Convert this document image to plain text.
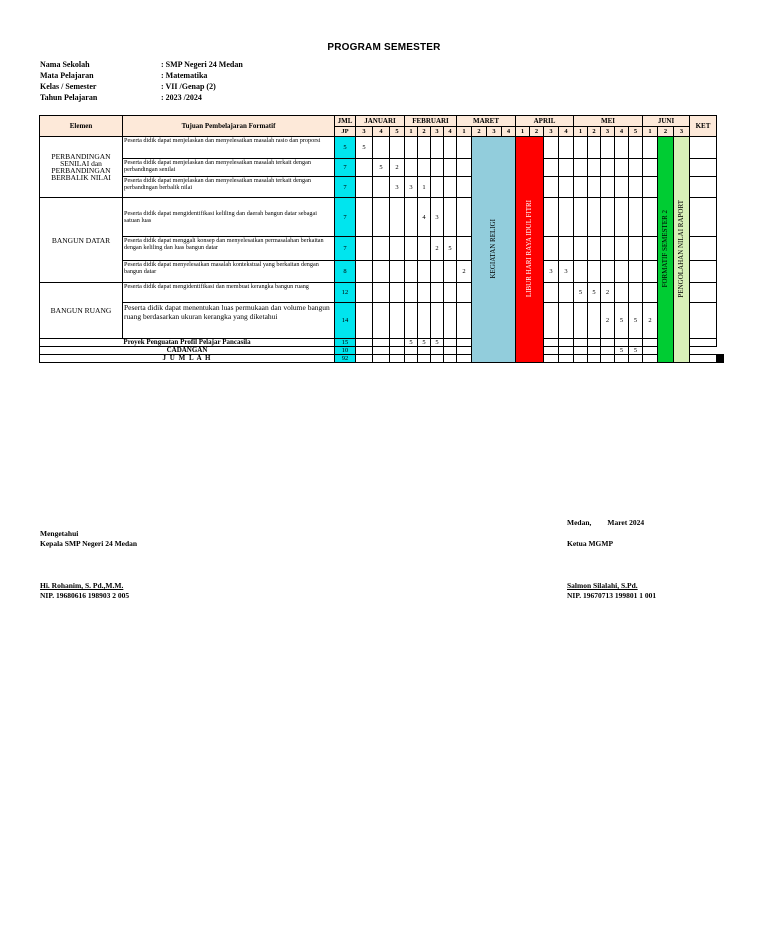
PROGRAM SEMESTER
Nama Sekolah	: SMP Negeri 24 Medan
Mata Pelajaran	: Matematika
Kelas / Semester	: VII /Genap (2)
Tahun Pelajaran	: 2023 /2024
Elemen	Tujuan Pembelajaran Formatif	JML	JANUARI			FEBRUARI				MARET				APRIL				MEI					JUNI			KET				
		JP	3	4	5	1	2	3	4	1	2	3	4	1	2	3	4	1	2	3	4	5	1	2	3					
PERBANDINGAN SENILAI dan PERBANDINGAN BERBALIK NILAI	Peserta didik dapat menjelaskan dan menyelesaikan masalah rasio dan proporsi	5	5								KEGIATAN RELIGI			LIBUR HARI RAYA IDUL FITRI										FORMATIF SEMESTER 2	PENGOLAHAN NILAI RAPORT					
	Peserta didik dapat menjelaskan dan menyelesaikan masalah terkait dengan perbandingan senilai	7		5	2																									
	Peserta didik dapat menjelaskan dan menyelesaikan masalah terkait dengan perbandingan berbalik nilai	7			3	3	1																							
BANGUN DATAR	Peserta didik dapat mengidentifikasi keliling dan daerah bangun datar sebagai satuan luas	7					4	3																						
	Peserta didik dapat menggali konsep dan menyelesaikan permasalahan berkaitan dengan keliling dan luas bangun datar	7						2	5																					
	Peserta didik dapat menyelesaikan masalah kontekstual yang berkaitan dengan bangun datar	8								2						3	3													
BANGUN RUANG	Peserta didik dapat mengidentifikasi dan membuat kerangka bangun ruang	12																5	5	2										
	Peserta didik dapat menentukan luas permukaan dan volume bangun ruang berdasarkan ukuran kerangka yang diketahui	14																		2	5	5	2							
Proyek Penguatan Profil Pelajar Pancasila		15				5	5	5																						
CADANGAN		10																			5	5								
J U M L A H		92																												
Mengetahui
Kepala SMP Negeri 24 Medan
Hi. Rohanim, S. Pd.,M.M.
NIP. 19680616 198903 2 005
Medan, Maret 2024
Ketua MGMP
Salmon Silalahi, S.Pd.
NIP. 19670713 199801 1 001
